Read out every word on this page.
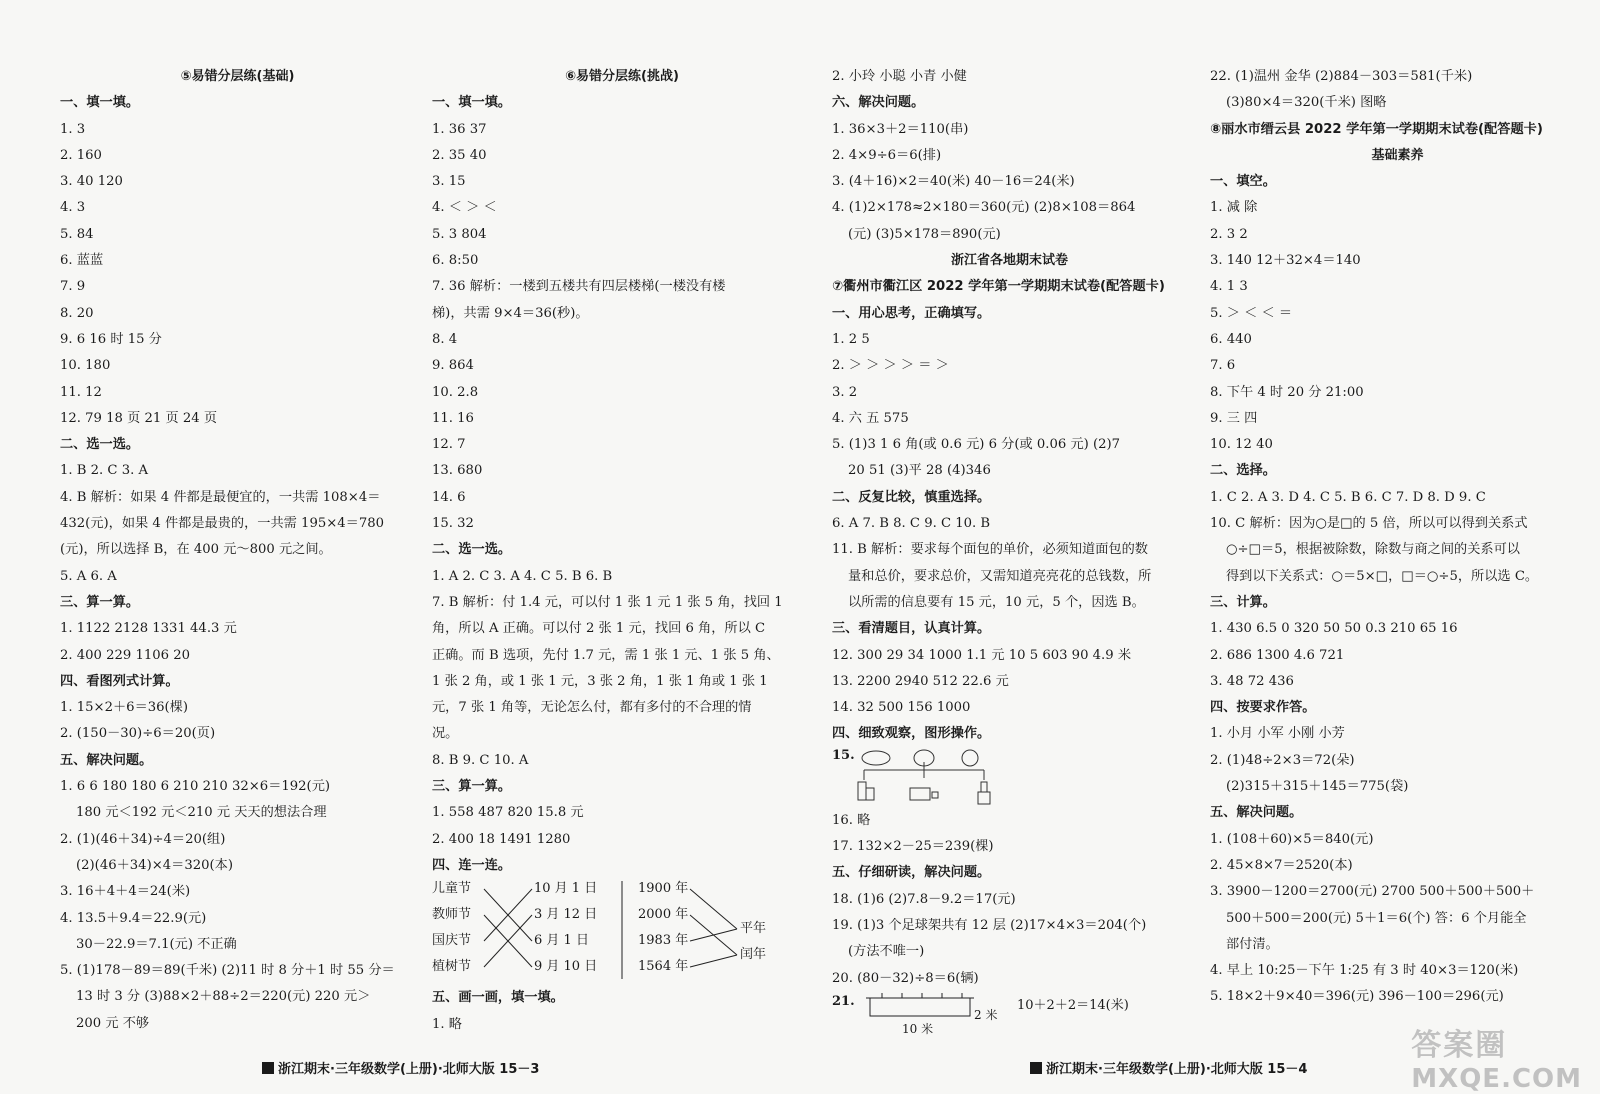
⑤易错分层练(基础)
一、填一填。
1. 3
2. 160
3. 40 120
4. 3
5. 84
6. 蓝蓝
7. 9
8. 20
9. 6 16 时 15 分
10. 180
11. 12
12. 79 18 页 21 页 24 页
二、选一选。
1. B 2. C 3. A
4. B 解析：如果 4 件都是最便宜的，一共需 108×4＝
432(元)，如果 4 件都是最贵的，一共需 195×4＝780
(元)，所以选择 B，在 400 元～800 元之间。
5. A 6. A
三、算一算。
1. 1122 2128 1331 44.3 元
2. 400 229 1106 20
四、看图列式计算。
1. 15×2＋6＝36(棵)
2. (150－30)÷6＝20(页)
五、解决问题。
1. 6 6 180 180 6 210 210 32×6＝192(元)
180 元＜192 元＜210 元 天天的想法合理
2. (1)(46＋34)÷4＝20(组)
(2)(46＋34)×4＝320(本)
3. 16＋4＋4＝24(米)
4. 13.5＋9.4＝22.9(元)
30－22.9＝7.1(元) 不正确
5. (1)178－89＝89(千米) (2)11 时 8 分＋1 时 55 分＝
13 时 3 分 (3)88×2＋88÷2＝220(元) 220 元＞
200 元 不够
⑥易错分层练(挑战)
一、填一填。
1. 36 37
2. 35 40
3. 15
4. ＜ ＞ ＜
5. 3 804
6. 8:50
7. 36 解析：一楼到五楼共有四层楼梯(一楼没有楼
梯)，共需 9×4＝36(秒)。
8. 4
9. 864
10. 2.8
11. 16
12. 7
13. 680
14. 6
15. 32
二、选一选。
1. A 2. C 3. A 4. C 5. B 6. B
7. B 解析：付 1.4 元，可以付 1 张 1 元 1 张 5 角，找回 1
角，所以 A 正确。可以付 2 张 1 元，找回 6 角，所以 C
正确。而 B 选项，先付 1.7 元，需 1 张 1 元、1 张 5 角、
1 张 2 角，或 1 张 1 元，3 张 2 角，1 张 1 角或 1 张 1
元，7 张 1 角等，无论怎么付，都有多付的不合理的情
况。
8. B 9. C 10. A
三、算一算。
1. 558 487 820 15.8 元
2. 400 18 1491 1280
四、连一连。
儿童节
教师节
国庆节
植树节
10 月 1 日
3 月 12 日
6 月 1 日
9 月 10 日
1900 年
2000 年
1983 年
1564 年
平年
闰年
五、画一画，填一填。
1. 略
2. 小玲 小聪 小青 小健
六、解决问题。
1. 36×3＋2＝110(串)
2. 4×9÷6＝6(排)
3. (4＋16)×2＝40(米) 40－16＝24(米)
4. (1)2×178≈2×180＝360(元) (2)8×108＝864
(元) (3)5×178＝890(元)
浙江省各地期末试卷
⑦衢州市衢江区 2022 学年第一学期期末试卷(配答题卡)
一、用心思考，正确填写。
1. 2 5
2. ＞ ＞ ＞ ＞ ＝ ＞
3. 2
4. 六 五 575
5. (1)3 1 6 角(或 0.6 元) 6 分(或 0.06 元) (2)7
20 51 (3)平 28 (4)346
二、反复比较，慎重选择。
6. A 7. B 8. C 9. C 10. B
11. B 解析：要求每个面包的单价，必须知道面包的数
量和总价，要求总价，又需知道亮亮花的总钱数，所
以所需的信息要有 15 元，10 元，5 个，因选 B。
三、看清题目，认真计算。
12. 300 29 34 1000 1.1 元 10 5 603 90 4.9 米
13. 2200 2940 512 22.6 元
14. 32 500 156 1000
四、细致观察，图形操作。
15.
16. 略
17. 132×2－25＝239(棵)
五、仔细研读，解决问题。
18. (1)6 (2)7.8－9.2＝17(元)
19. (1)3 个足球架共有 12 层 (2)17×4×3＝204(个)
(方法不唯一)
20. (80－32)÷8＝6(辆)
21.
2 米
10 米
10＋2＋2＝14(米)
22. (1)温州 金华 (2)884－303＝581(千米)
(3)80×4＝320(千米) 图略
⑧丽水市缙云县 2022 学年第一学期期末试卷(配答题卡)
基础素养
一、填空。
1. 减 除
2. 3 2
3. 140 12＋32×4＝140
4. 1 3
5. ＞ ＜ ＜ ＝
6. 440
7. 6
8. 下午 4 时 20 分 21:00
9. 三 四
10. 12 40
二、选择。
1. C 2. A 3. D 4. C 5. B 6. C 7. D 8. D 9. C
10. C 解析：因为○是□的 5 倍，所以可以得到关系式
○÷□＝5，根据被除数，除数与商之间的关系可以
得到以下关系式：○＝5×□，□＝○÷5，所以选 C。
三、计算。
1. 430 6.5 0 320 50 50 0.3 210 65 16
2. 686 1300 4.6 721
3. 48 72 436
四、按要求作答。
1. 小月 小军 小刚 小芳
2. (1)48÷2×3＝72(朵)
(2)315＋315＋145＝775(袋)
五、解决问题。
1. (108＋60)×5＝840(元)
2. 45×8×7＝2520(本)
3. 3900－1200＝2700(元) 2700 500＋500＋500＋
500＋500＝200(元) 5＋1＝6(个) 答：6 个月能全
部付清。
4. 早上 10:25－下午 1:25 有 3 时 40×3＝120(米)
5. 18×2＋9×40＝396(元) 396－100＝296(元)
浙江期末·三年级数学(上册)·北师大版 15－3	浙江期末·三年级数学(上册)·北师大版 15－4
答案圈
MXQE.COM
